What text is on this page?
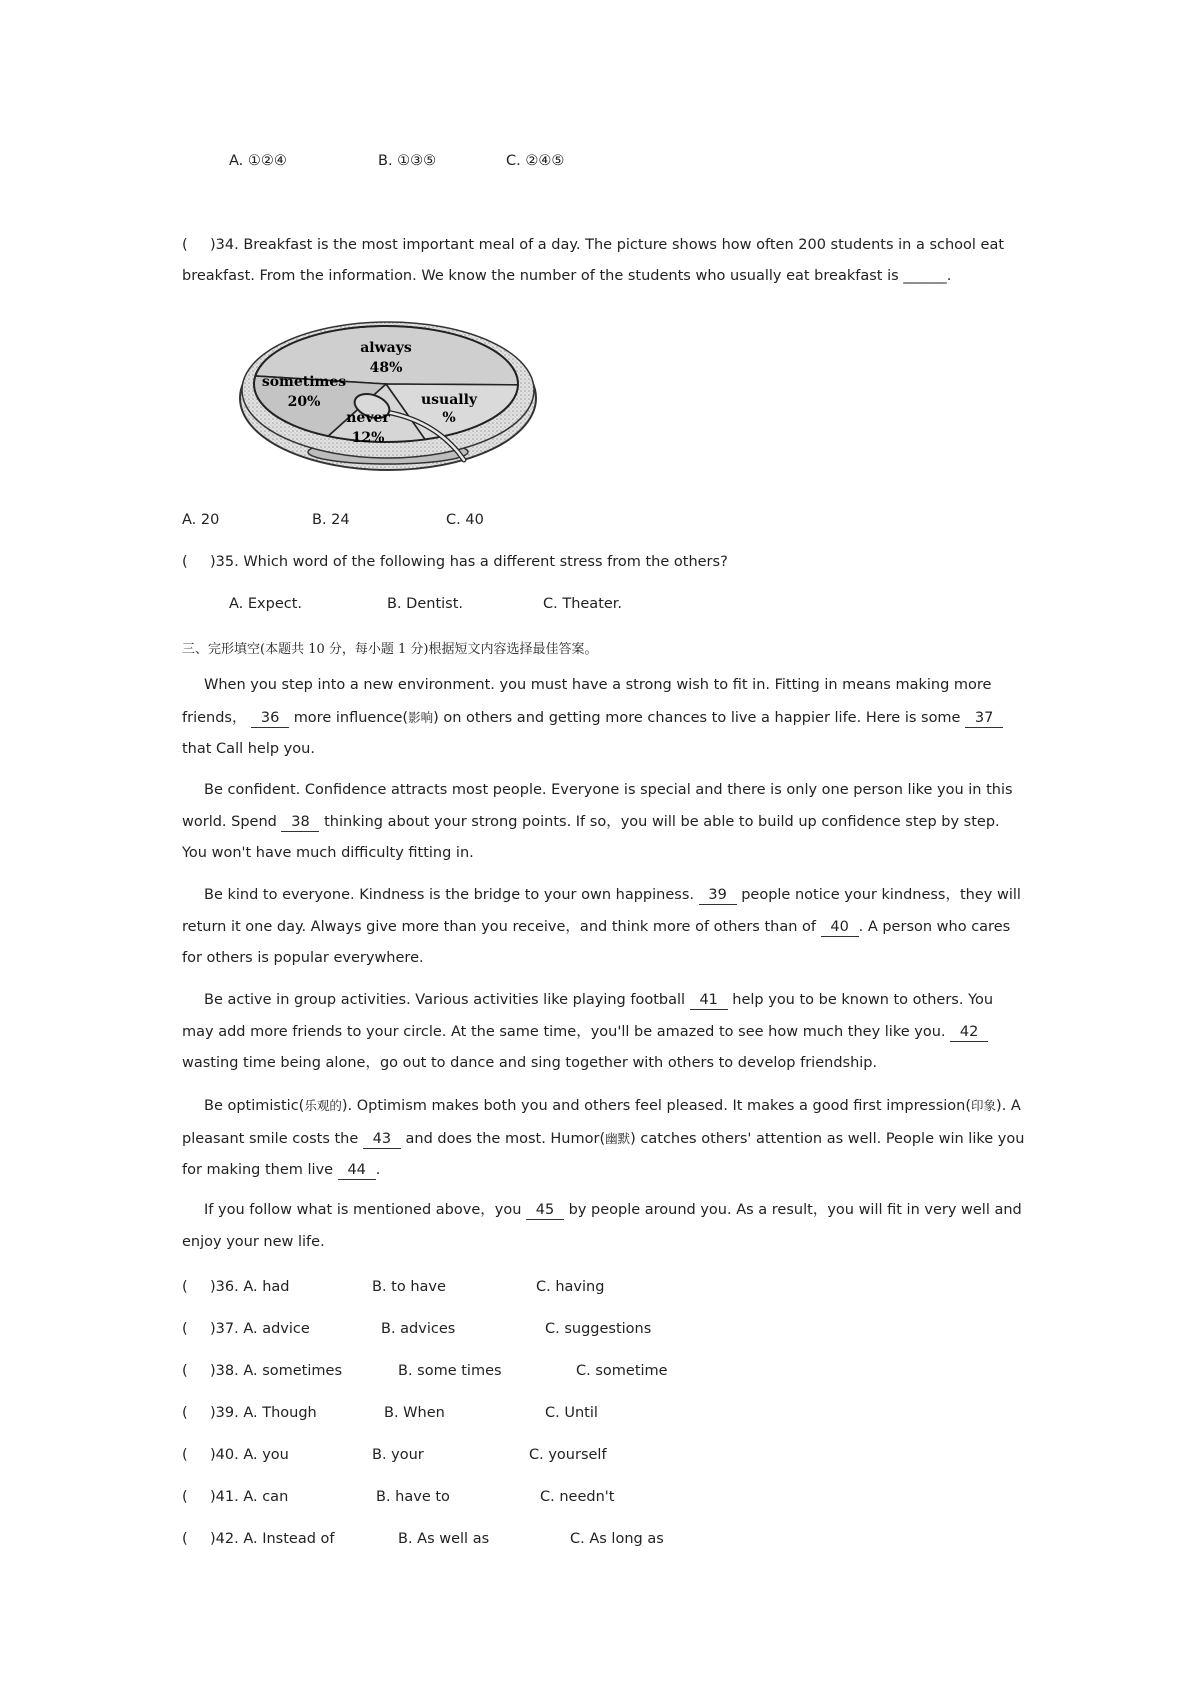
A. ①②④	B. ①③⑤	C. ②④⑤
( )34. Breakfast is the most important meal of a day. The picture shows how often 200 students in a school eat
breakfast. From the information. We know the number of the students who usually eat breakfast is ______.
always
48%
sometimes
20%
never
12%
usually
%
A. 20	B. 24	C. 40
( )35. Which word of the following has a different stress from the others?
A. Expect.	B. Dentist.	C. Theater.
三、完形填空(本题共 10 分，每小题 1 分)根据短文内容选择最佳答案。
When you step into a new environment. you must have a strong wish to fit in. Fitting in means making more friends， 36 more influence(影响) on others and getting more chances to live a happier life. Here is some 37 that Call help you.
Be confident. Confidence attracts most people. Everyone is special and there is only one person like you in this world. Spend 38 thinking about your strong points. If so，you will be able to build up confidence step by step. You won't have much difficulty fitting in.
Be kind to everyone. Kindness is the bridge to your own happiness. 39 people notice your kindness，they will return it one day. Always give more than you receive，and think more of others than of 40 . A person who cares for others is popular everywhere.
Be active in group activities. Various activities like playing football 41 help you to be known to others. You may add more friends to your circle. At the same time，you'll be amazed to see how much they like you. 42 wasting time being alone，go out to dance and sing together with others to develop friendship.
Be optimistic(乐观的). Optimism makes both you and others feel pleased. It makes a good first impression(印象). A pleasant smile costs the 43 and does the most. Humor(幽默) catches others' attention as well. People win like you for making them live 44 .
If you follow what is mentioned above，you 45 by people around you. As a result，you will fit in very well and enjoy your new life.
( )36. A. had	B. to have	C. having
( )37. A. advice	B. advices	C. suggestions
( )38. A. sometimes	B. some times	C. sometime
( )39. A. Though	B. When	C. Until
( )40. A. you	B. your	C. yourself
( )41. A. can	B. have to	C. needn't
( )42. A. Instead of	B. As well as	C. As long as
